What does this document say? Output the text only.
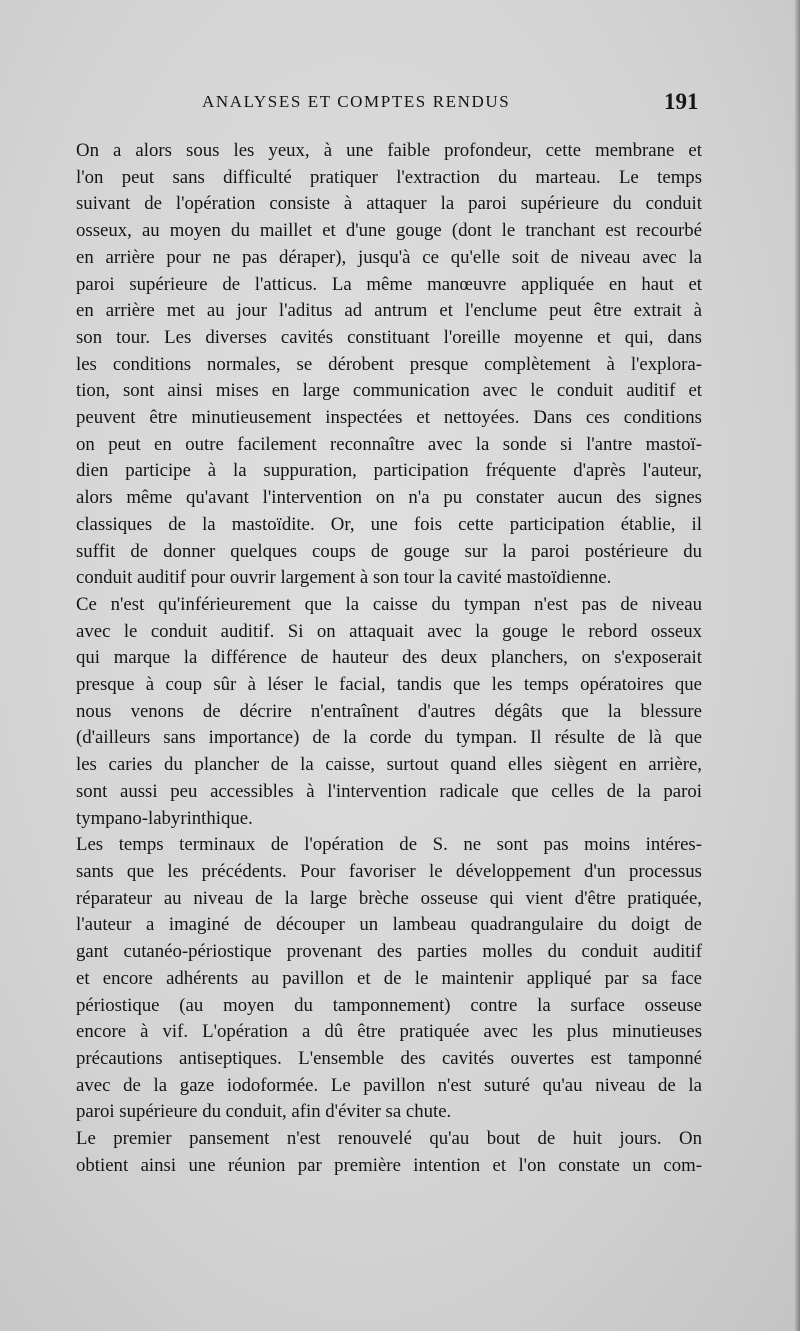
ANALYSES ET COMPTES RENDUS	191

On a alors sous les yeux, à une faible profondeur, cette membrane et
l'on peut sans difficulté pratiquer l'extraction du marteau. Le temps
suivant de l'opération consiste à attaquer la paroi supérieure du conduit
osseux, au moyen du maillet et d'une gouge (dont le tranchant est recourbé
en arrière pour ne pas déraper), jusqu'à ce qu'elle soit de niveau avec la
paroi supérieure de l'atticus. La même manœuvre appliquée en haut et
en arrière met au jour l'aditus ad antrum et l'enclume peut être extrait à
son tour. Les diverses cavités constituant l'oreille moyenne et qui, dans
les conditions normales, se dérobent presque complètement à l'explora-
tion, sont ainsi mises en large communication avec le conduit auditif et
peuvent être minutieusement inspectées et nettoyées. Dans ces conditions
on peut en outre facilement reconnaître avec la sonde si l'antre mastoï-
dien participe à la suppuration, participation fréquente d'après l'auteur,
alors même qu'avant l'intervention on n'a pu constater aucun des signes
classiques de la mastoïdite. Or, une fois cette participation établie, il
suffit de donner quelques coups de gouge sur la paroi postérieure du
conduit auditif pour ouvrir largement à son tour la cavité mastoïdienne.

Ce n'est qu'inférieurement que la caisse du tympan n'est pas de niveau
avec le conduit auditif. Si on attaquait avec la gouge le rebord osseux
qui marque la différence de hauteur des deux planchers, on s'exposerait
presque à coup sûr à léser le facial, tandis que les temps opératoires que
nous venons de décrire n'entraînent d'autres dégâts que la blessure
(d'ailleurs sans importance) de la corde du tympan. Il résulte de là que
les caries du plancher de la caisse, surtout quand elles siègent en arrière,
sont aussi peu accessibles à l'intervention radicale que celles de la paroi
tympano-labyrinthique.

Les temps terminaux de l'opération de S. ne sont pas moins intéres-
sants que les précédents. Pour favoriser le développement d'un processus
réparateur au niveau de la large brèche osseuse qui vient d'être pratiquée,
l'auteur a imaginé de découper un lambeau quadrangulaire du doigt de
gant cutanéo-périostique provenant des parties molles du conduit auditif
et encore adhérents au pavillon et de le maintenir appliqué par sa face
périostique (au moyen du tamponnement) contre la surface osseuse
encore à vif. L'opération a dû être pratiquée avec les plus minutieuses
précautions antiseptiques. L'ensemble des cavités ouvertes est tamponné
avec de la gaze iodoformée. Le pavillon n'est suturé qu'au niveau de la
paroi supérieure du conduit, afin d'éviter sa chute.

Le premier pansement n'est renouvelé qu'au bout de huit jours. On
obtient ainsi une réunion par première intention et l'on constate un com-
